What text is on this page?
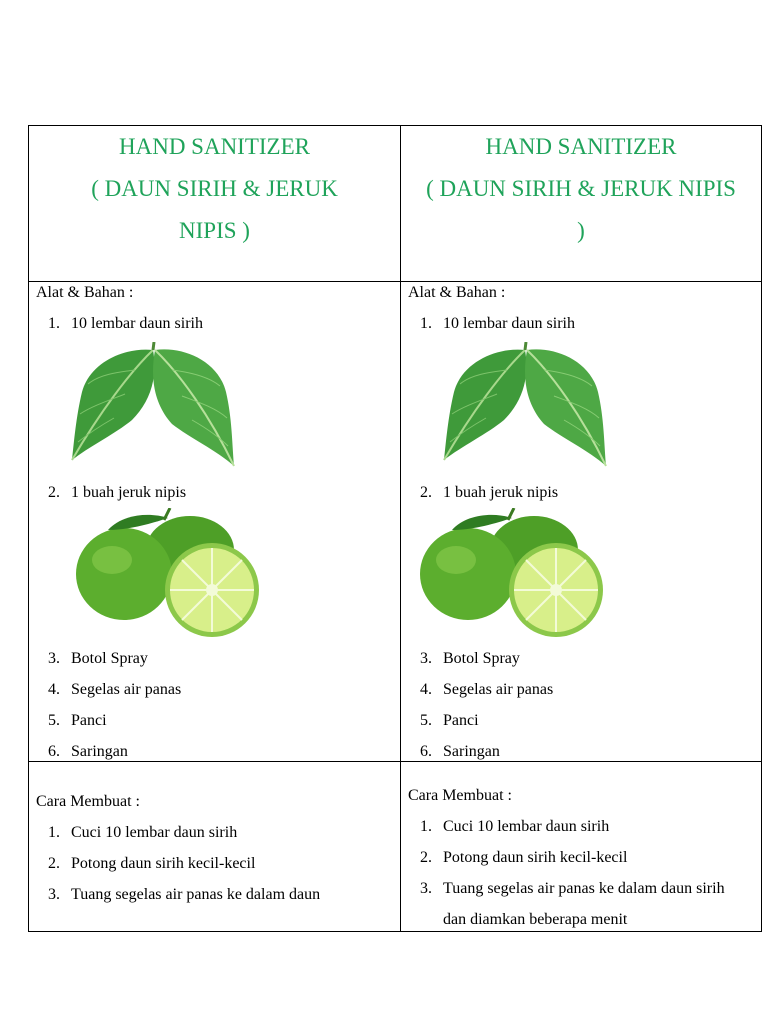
HAND SANITIZER
( DAUN SIRIH & JERUK
NIPIS )
Alat & Bahan :
1. 10 lembar daun sirih
2. 1 buah jeruk nipis
3. Botol Spray
4. Segelas air panas
5. Panci
6. Saringan
Cara Membuat :
1. Cuci 10 lembar daun sirih
2. Potong daun sirih kecil-kecil
3. Tuang segelas air panas ke dalam daun
HAND SANITIZER
( DAUN SIRIH & JERUK NIPIS
)
Alat & Bahan :
1. 10 lembar daun sirih
2. 1 buah jeruk nipis
3. Botol Spray
4. Segelas air panas
5. Panci
6. Saringan
Cara Membuat :
1. Cuci 10 lembar daun sirih
2. Potong daun sirih kecil-kecil
3. Tuang segelas air panas ke dalam daun sirih dan diamkan beberapa menit
